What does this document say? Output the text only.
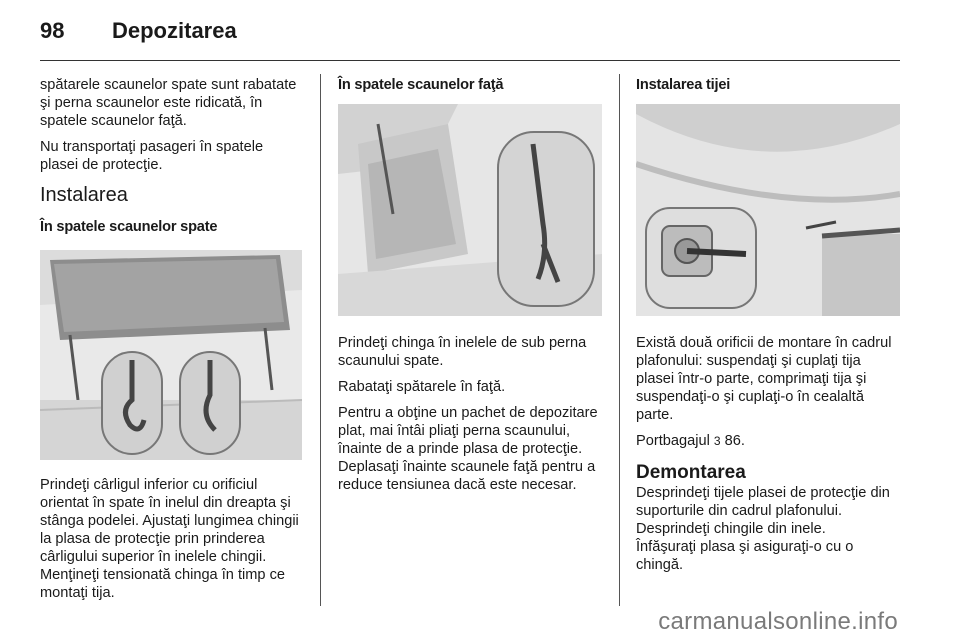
98	Depozitarea

spătarele scaunelor spate sunt rabatate şi perna scaunelor este ridicată, în spatele scaunelor faţă.

Nu transportaţi pasageri în spatele plasei de protecţie.

Instalarea
În spatele scaunelor spate

Prindeţi cârligul inferior cu orificiul orientat în spate în inelul din dreapta şi stânga podelei. Ajustaţi lungimea chingii la plasa de protecţie prin prinderea cârligului superior în inelele chingii. Menţineţi tensionată chinga în timp ce montaţi tija.

În spatele scaunelor faţă

Prindeţi chinga în inelele de sub perna scaunului spate.

Rabataţi spătarele în faţă.

Pentru a obţine un pachet de depozitare plat, mai întâi pliaţi perna scaunului, înainte de a prinde plasa de protecţie. Deplasaţi înainte scaunele faţă pentru a reduce tensiunea dacă este necesar.

Instalarea tijei

Există două orificii de montare în cadrul plafonului: suspendaţi şi cuplaţi tija plasei într-o parte, comprimaţi tija şi suspendaţi-o şi cuplaţi-o în cealaltă parte.

Portbagajul 3 86.

Demontarea

Desprindeţi tijele plasei de protecţie din suporturile din cadrul plafonului.

Desprindeţi chingile din inele.

Înfăşuraţi plasa şi asiguraţi-o cu o chingă.

carmanualsonline.info
